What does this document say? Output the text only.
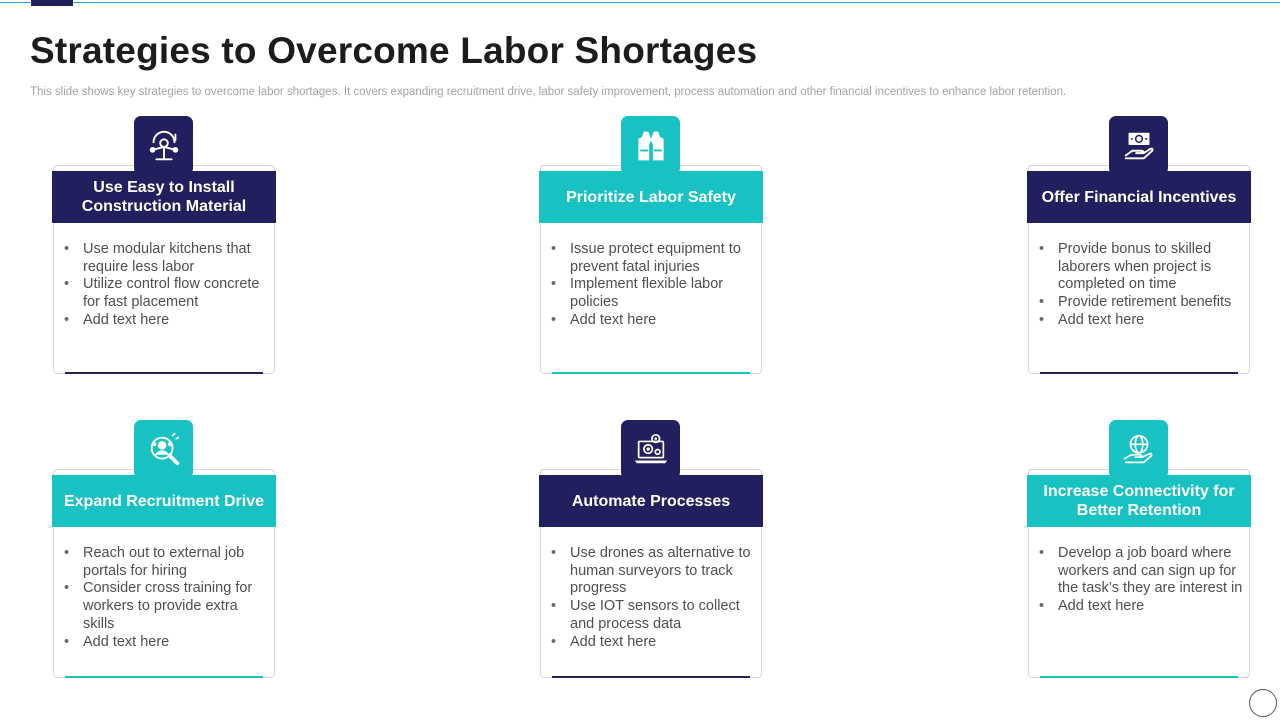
Strategies to Overcome Labor Shortages

This slide shows key strategies to overcome labor shortages. It covers expanding recruitment drive, labor safety improvement, process automation and other financial incentives to enhance labor retention.

Use Easy to Install Construction Material
• Use modular kitchens that require less labor
• Utilize control flow concrete for fast placement
• Add text here
Prioritize Labor Safety
• Issue protect equipment to prevent fatal injuries
• Implement flexible labor policies
• Add text here
Offer Financial Incentives
• Provide bonus to skilled laborers when project is completed on time
• Provide retirement benefits
• Add text here
Expand Recruitment Drive
• Reach out to external job portals for hiring
• Consider cross training for workers to provide extra skills
• Add text here
Automate Processes
• Use drones as alternative to human surveyors to track progress
• Use IOT sensors to collect and process data
• Add text here
Increase Connectivity for Better Retention
• Develop a job board where workers and can sign up for the task’s they are interest in
• Add text here
